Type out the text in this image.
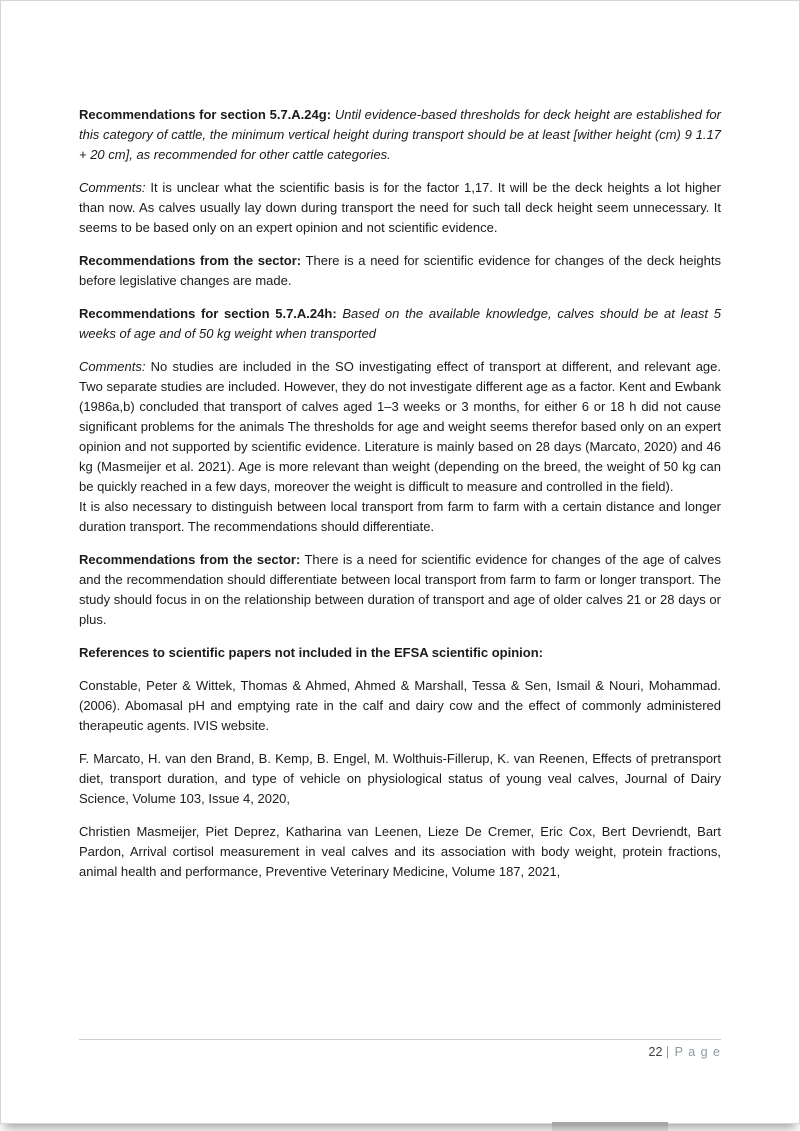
Recommendations for section 5.7.A.24g: Until evidence-based thresholds for deck height are established for this category of cattle, the minimum vertical height during transport should be at least [wither height (cm) 9 1.17 + 20 cm], as recommended for other cattle categories.

Comments: It is unclear what the scientific basis is for the factor 1,17. It will be the deck heights a lot higher than now. As calves usually lay down during transport the need for such tall deck height seem unnecessary. It seems to be based only on an expert opinion and not scientific evidence.

Recommendations from the sector: There is a need for scientific evidence for changes of the deck heights before legislative changes are made.

Recommendations for section 5.7.A.24h: Based on the available knowledge, calves should be at least 5 weeks of age and of 50 kg weight when transported

Comments: No studies are included in the SO investigating effect of transport at different, and relevant age. Two separate studies are included. However, they do not investigate different age as a factor. Kent and Ewbank (1986a,b) concluded that transport of calves aged 1–3 weeks or 3 months, for either 6 or 18 h did not cause significant problems for the animals The thresholds for age and weight seems therefor based only on an expert opinion and not supported by scientific evidence. Literature is mainly based on 28 days (Marcato, 2020) and 46 kg (Masmeijer et al. 2021). Age is more relevant than weight (depending on the breed, the weight of 50 kg can be quickly reached in a few days, moreover the weight is difficult to measure and controlled in the field).
It is also necessary to distinguish between local transport from farm to farm with a certain distance and longer duration transport. The recommendations should differentiate.

Recommendations from the sector: There is a need for scientific evidence for changes of the age of calves and the recommendation should differentiate between local transport from farm to farm or longer transport. The study should focus in on the relationship between duration of transport and age of older calves 21 or 28 days or plus.

References to scientific papers not included in the EFSA scientific opinion:

Constable, Peter & Wittek, Thomas & Ahmed, Ahmed & Marshall, Tessa & Sen, Ismail & Nouri, Mohammad. (2006). Abomasal pH and emptying rate in the calf and dairy cow and the effect of commonly administered therapeutic agents. IVIS website.

F. Marcato, H. van den Brand, B. Kemp, B. Engel, M. Wolthuis-Fillerup, K. van Reenen, Effects of pretransport diet, transport duration, and type of vehicle on physiological status of young veal calves, Journal of Dairy Science, Volume 103, Issue 4, 2020,

Christien Masmeijer, Piet Deprez, Katharina van Leenen, Lieze De Cremer, Eric Cox, Bert Devriendt, Bart Pardon, Arrival cortisol measurement in veal calves and its association with body weight, protein fractions, animal health and performance, Preventive Veterinary Medicine, Volume 187, 2021,

22 | P a g e
